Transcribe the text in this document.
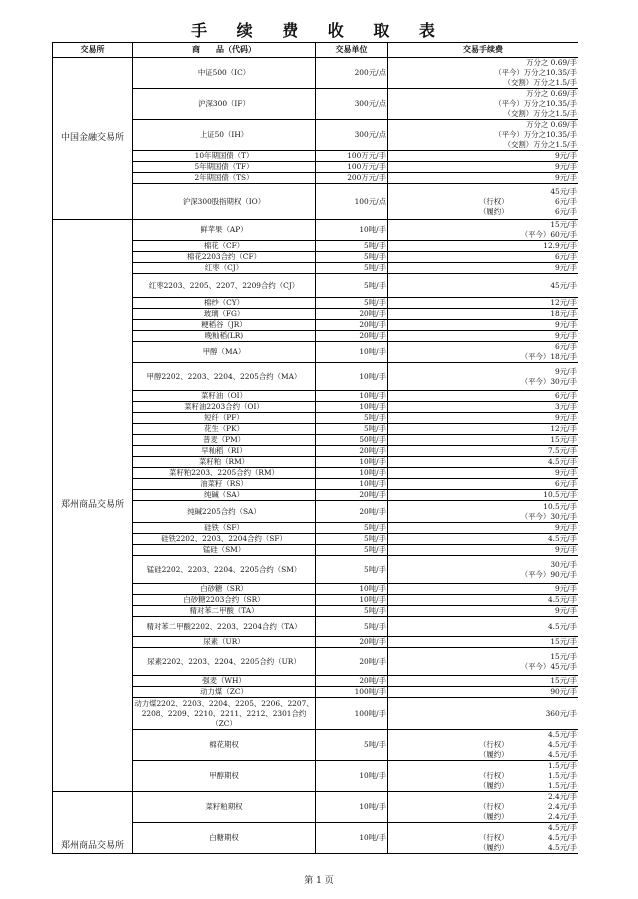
手 续 费 收 取 表
交易所	商　　品（代码）	交易单位	交易手续费
中国金融交易所	中证500（IC）	200元/点	万分之 0.69/手
（平今）万分之10.35/手
（交割）万分之1.5/手

	沪深300（IF）	300元/点	万分之 0.69/手
（平今）万分之10.35/手
（交割）万分之1.5/手

	上证50（IH）	300元/点	万分之 0.69/手
（平今）万分之10.35/手
（交割）万分之1.5/手

	10年期国债（T）	100万元/手	9元/手

	5年期国债（TF）	100万元/手	9元/手

	2年期国债（TS）	200万元/手	9元/手

	沪深300股指期权（IO）	100元/点	45元/手
（行权） 6元/手
（履约） 6元/手

郑州商品交易所	鲜苹果（AP）	10吨/手	15元/手
（平今）60元/手

	棉花（CF）	5吨/手	12.9元/手

	棉花2203合约（CF）	5吨/手	6元/手

	红枣（CJ）	5吨/手	9元/手

	红枣2203、2205、2207、2209合约（CJ）	5吨/手	45元/手

	棉纱（CY）	5吨/手	12元/手

	玻璃（FG）	20吨/手	18元/手

	粳稻谷（JR）	20吨/手	9元/手

	晚籼稻(LR)	20吨/手	9元/手

	甲醇（MA）	10吨/手	6元/手
（平今）18元/手

	甲醇2202、2203、2204、2205合约（MA）	10吨/手	9元/手
（平今）30元/手

	菜籽油（OI）	10吨/手	6元/手

	菜籽油2203合约（OI）	10吨/手	3元/手

	短纤（PF）	5吨/手	9元/手

	花生（PK）	5吨/手	12元/手

	普麦（PM）	50吨/手	15元/手

	早籼稻（RI）	20吨/手	7.5元/手

	菜籽粕（RM）	10吨/手	4.5元/手

	菜籽粕2203、2205合约（RM）	10吨/手	9元/手

	油菜籽（RS）	10吨/手	6元/手

	纯碱（SA）	20吨/手	10.5元/手

	纯碱2205合约（SA）	20吨/手	10.5元/手
（平今）30元/手

	硅铁（SF）	5吨/手	9元/手

	硅铁2202、2203、2204合约（SF）	5吨/手	4.5元/手

	锰硅（SM）	5吨/手	9元/手

	锰硅2202、2203、2204、2205合约（SM）	5吨/手	30元/手
（平今）90元/手

	白砂糖（SR）	10吨/手	9元/手

	白砂糖2203合约（SR）	10吨/手	4.5元/手

	精对苯二甲酸（TA）	5吨/手	9元/手

	精对苯二甲酸2202、2203、2204合约（TA）	5吨/手	4.5元/手

	尿素（UR）	20吨/手	15元/手

	尿素2202、2203、2204、2205合约（UR）	20吨/手	15元/手
（平今）45元/手

	强麦（WH）	20吨/手	15元/手

	动力煤（ZC）	100吨/手	90元/手

	动力煤2202、2203、2204、2205、2206、2207、2208、2209、2210、2211、2212、2301合约（ZC）	100吨/手	360元/手

	棉花期权	5吨/手	4.5元/手
（行权） 4.5元/手
（履约） 4.5元/手

	甲醇期权	10吨/手	1.5元/手
（行权） 1.5元/手
（履约） 1.5元/手

郑州商品交易所	菜籽粕期权	10吨/手	2.4元/手
（行权） 2.4元/手
（履约） 2.4元/手

	白糖期权	10吨/手	4.5元/手
（行权） 4.5元/手
（履约） 4.5元/手
第 1 页
